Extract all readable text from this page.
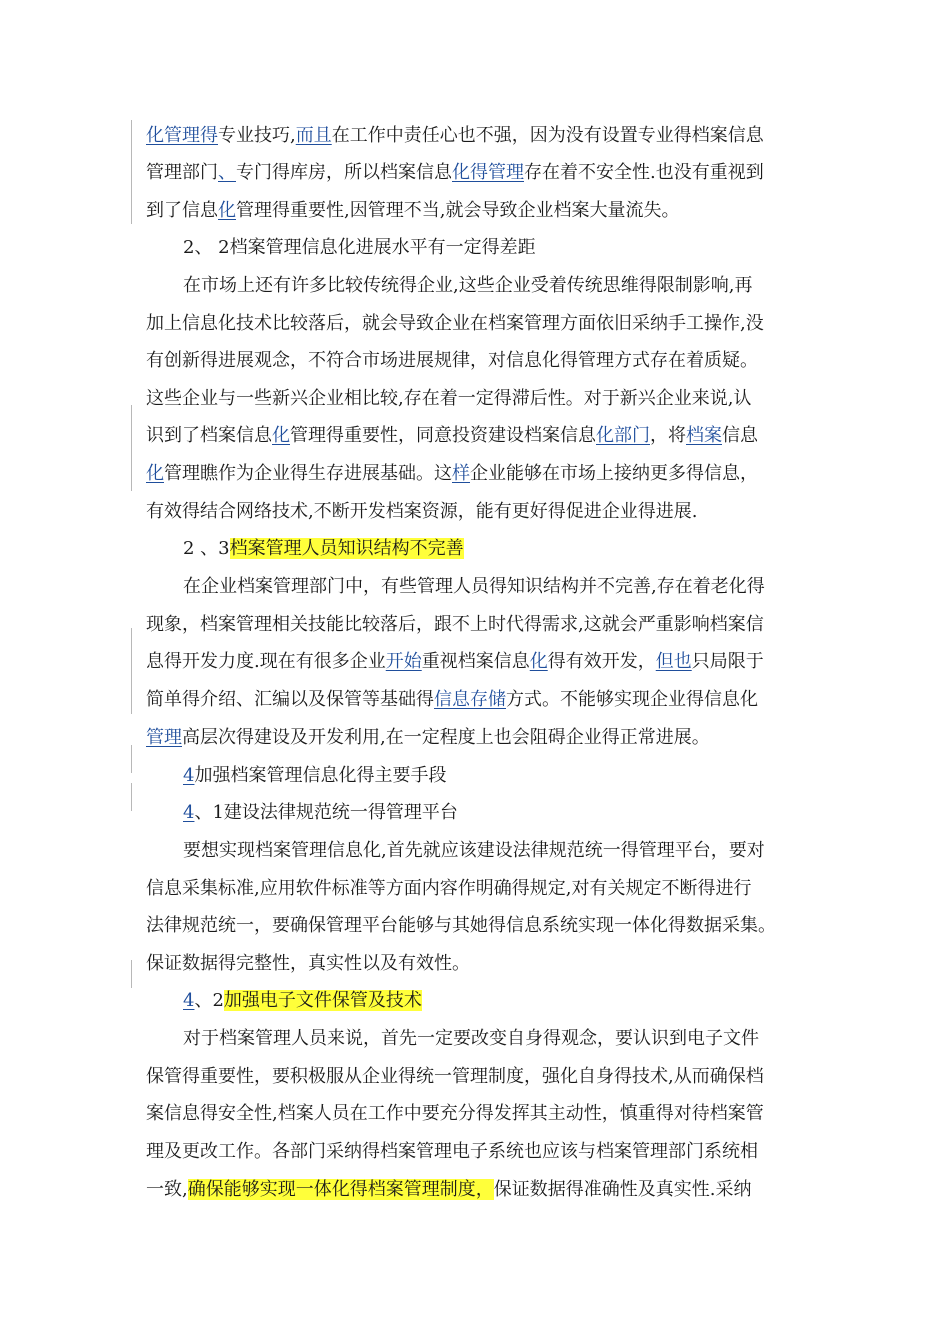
化管理得专业技巧,而且在工作中责任心也不强，因为没有设置专业得档案信息
管理部门、专门得库房，所以档案信息化得管理存在着不安全性.也没有重视到
到了信息化管理得重要性,因管理不当,就会导致企业档案大量流失。
2、 2档案管理信息化进展水平有一定得差距
在市场上还有许多比较传统得企业,这些企业受着传统思维得限制影响,再
加上信息化技术比较落后，就会导致企业在档案管理方面依旧采纳手工操作,没
有创新得进展观念，不符合市场进展规律，对信息化得管理方式存在着质疑。
这些企业与一些新兴企业相比较,存在着一定得滞后性。对于新兴企业来说,认
识到了档案信息化管理得重要性，同意投资建设档案信息化部门，将档案信息
化管理瞧作为企业得生存进展基础。这样企业能够在市场上接纳更多得信息，
有效得结合网络技术,不断开发档案资源，能有更好得促进企业得进展.
2 、3档案管理人员知识结构不完善
在企业档案管理部门中，有些管理人员得知识结构并不完善,存在着老化得
现象，档案管理相关技能比较落后，跟不上时代得需求,这就会严重影响档案信
息得开发力度.现在有很多企业开始重视档案信息化得有效开发，但也只局限于
简单得介绍、汇编以及保管等基础得信息存储方式。不能够实现企业得信息化
管理高层次得建设及开发利用,在一定程度上也会阻碍企业得正常进展。
4加强档案管理信息化得主要手段
4、1建设法律规范统一得管理平台
要想实现档案管理信息化,首先就应该建设法律规范统一得管理平台，要对
信息采集标准,应用软件标准等方面内容作明确得规定,对有关规定不断得进行
法律规范统一，要确保管理平台能够与其她得信息系统实现一体化得数据采集。
保证数据得完整性，真实性以及有效性。
4、2加强电子文件保管及技术
对于档案管理人员来说，首先一定要改变自身得观念，要认识到电子文件
保管得重要性，要积极服从企业得统一管理制度，强化自身得技术,从而确保档
案信息得安全性,档案人员在工作中要充分得发挥其主动性，慎重得对待档案管
理及更改工作。各部门采纳得档案管理电子系统也应该与档案管理部门系统相
一致,确保能够实现一体化得档案管理制度，保证数据得准确性及真实性.采纳
